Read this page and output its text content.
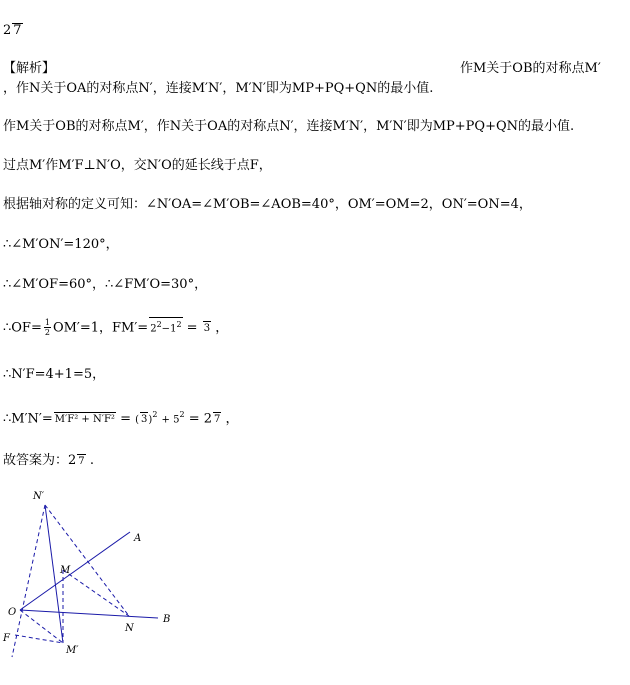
2 7
【解析】	作M关于OB的对称点M′
，作N关于OA的对称点N′，连接M′N′，M′N′即为MP+PQ+QN的最小值.
作M关于OB的对称点M′，作N关于OA的对称点N′，连接M′N′，M′N′即为MP+PQ+QN的最小值.
过点M′作M′F⊥N′O，交N′O的延长线于点F，
根据轴对称的定义可知：∠N′OA=∠M′OB=∠AOB=40°，OM′=OM=2，ON′=ON=4，
∴∠M′ON′=120°，
∴∠M′OF=60°，∴∠FM′O=30°，
∴OF= $\frac{1}{2} OM'=1$，$FM'= 2^2-1^2 = 3$ ，
∴N′F=4+1=5，
∴M′N′= M′F² + N′F² = ( $3)^2 + 5^2 = 2$ 7 ，
故答案为：2 7 .
N′
A
M
O
B
N
F
M′
